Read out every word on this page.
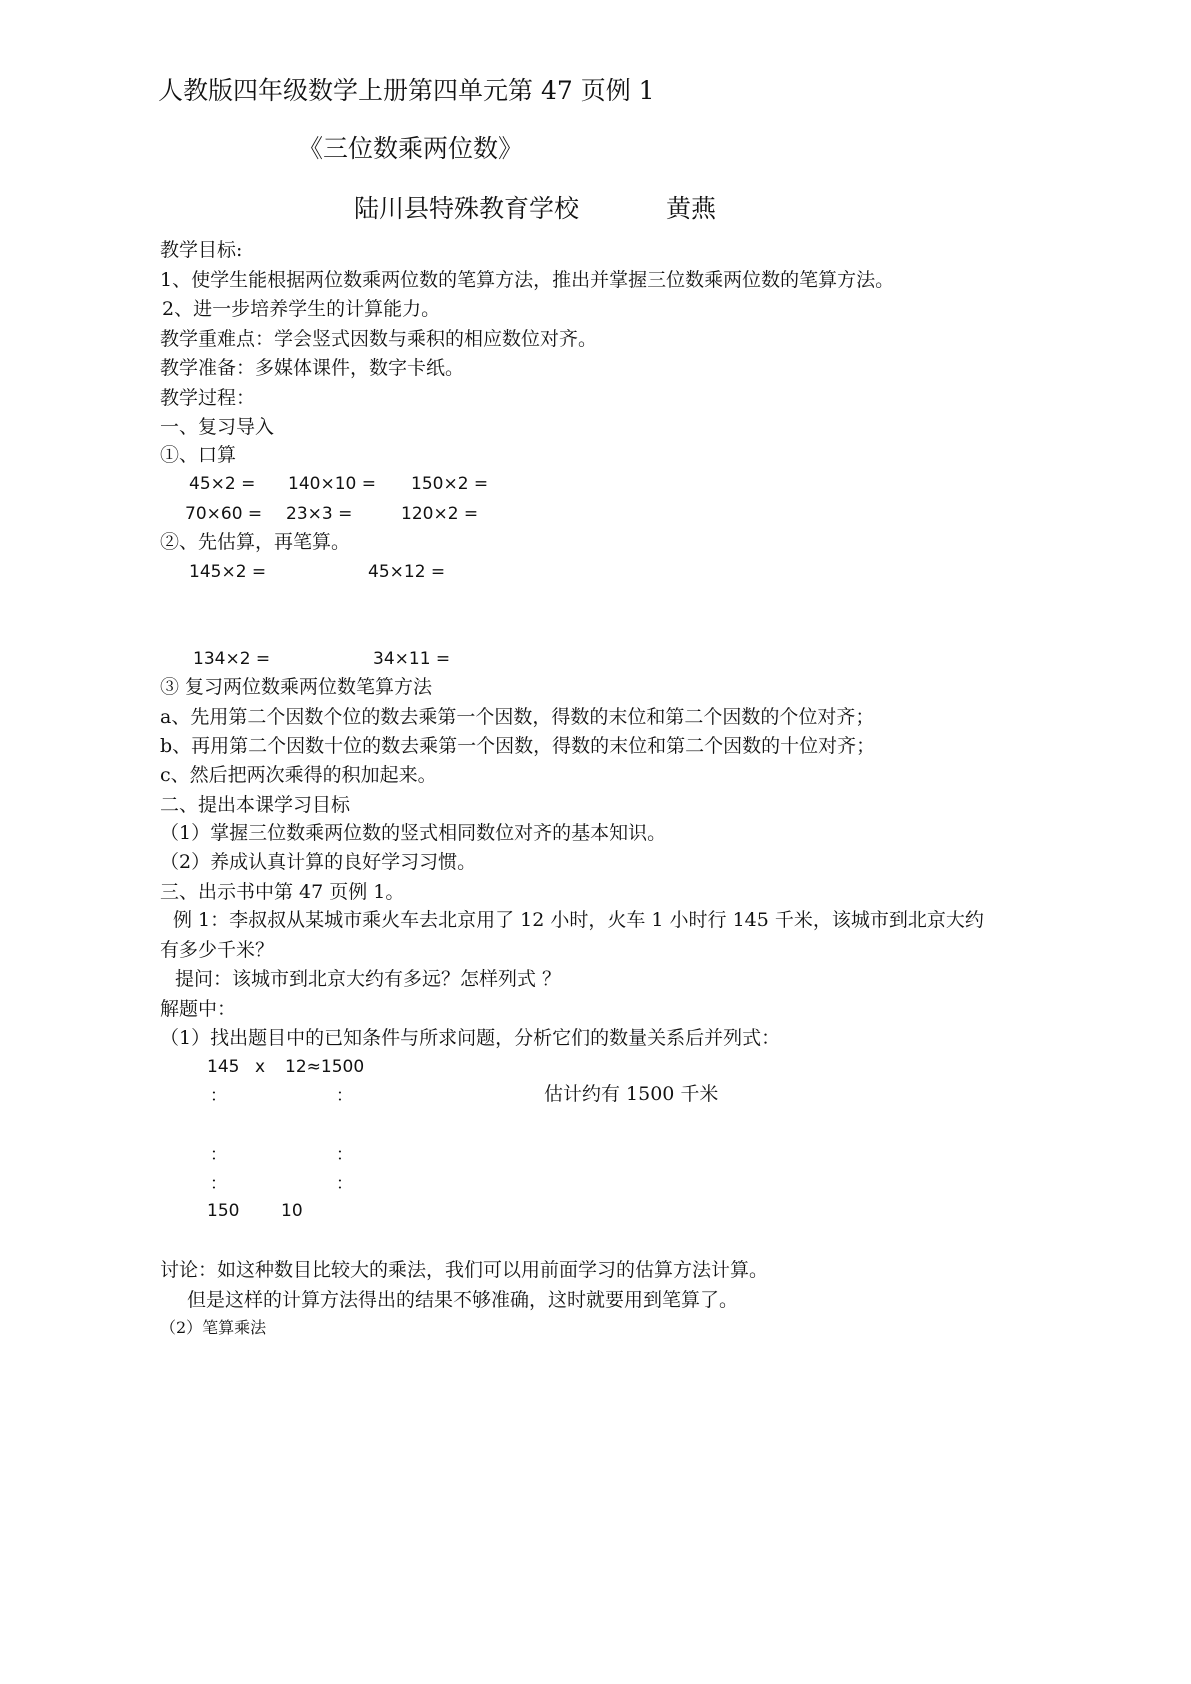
人教版四年级数学上册第四单元第 47 页例 1
《三位数乘两位数》
陆川县特殊教育学校	黄燕
教学目标:
1、使学生能根据两位数乘两位数的笔算方法，推出并掌握三位数乘两位数的笔算方法。
2、进一步培养学生的计算能力。
教学重难点：学会竖式因数与乘积的相应数位对齐。
教学准备：多媒体课件，数字卡纸。
教学过程：
一、复习导入
①、口算
45×2 = 140×10 = 150×2 =
70×60 = 23×3 =	120×2 =
②、先估算，再笔算。
145×2 =	45×12 =
134×2 =	34×11 =
③ 复习两位数乘两位数笔算方法
a、先用第二个因数个位的数去乘第一个因数，得数的末位和第二个因数的个位对齐；
b、再用第二个因数十位的数去乘第一个因数，得数的末位和第二个因数的十位对齐；
c、然后把两次乘得的积加起来。
二、提出本课学习目标
（1）掌握三位数乘两位数的竖式相同数位对齐的基本知识。
（2）养成认真计算的良好学习习惯。
三、出示书中第 47 页例 1。
例 1：李叔叔从某城市乘火车去北京用了 12 小时，火车 1 小时行 145 千米，该城市到北京大约
有多少千米？
提问：该城市到北京大约有多远？怎样列式 ？
解题中：
（1）找出题目中的已知条件与所求问题，分析它们的数量关系后并列式：
145 x 12≈1500
：	：	估计约有 1500 千米
：	：
：	：
150 10
讨论：如这种数目比较大的乘法，我们可以用前面学习的估算方法计算。
但是这样的计算方法得出的结果不够准确，这时就要用到笔算了。
（2）笔算乘法
